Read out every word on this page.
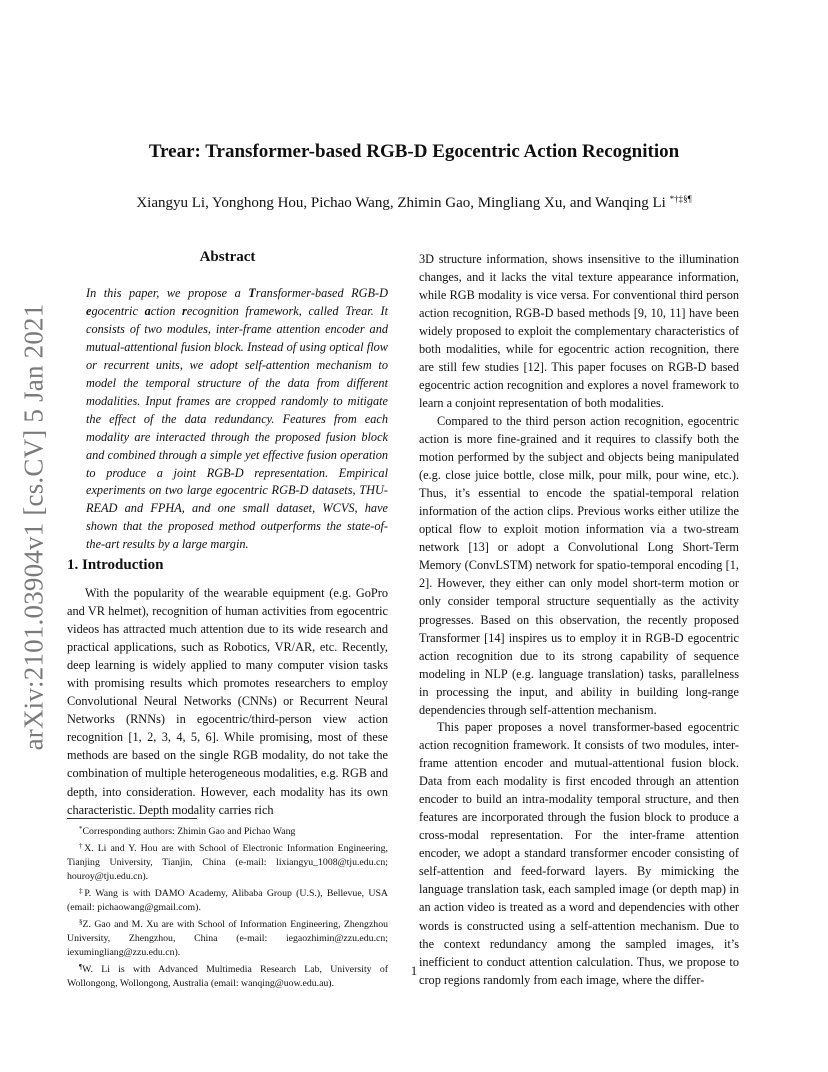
arXiv:2101.03904v1 [cs.CV] 5 Jan 2021
Trear: Transformer-based RGB-D Egocentric Action Recognition
Xiangyu Li, Yonghong Hou, Pichao Wang, Zhimin Gao, Mingliang Xu, and Wanqing Li *†‡§¶
Abstract

In this paper, we propose a Transformer-based RGB-D egocentric action recognition framework, called Trear. It consists of two modules, inter-frame attention encoder and mutual-attentional fusion block. Instead of using optical flow or recurrent units, we adopt self-attention mechanism to model the temporal structure of the data from different modalities. Input frames are cropped randomly to mitigate the effect of the data redundancy. Features from each modality are interacted through the proposed fusion block and combined through a simple yet effective fusion operation to produce a joint RGB-D representation. Empirical experiments on two large egocentric RGB-D datasets, THU-READ and FPHA, and one small dataset, WCVS, have shown that the proposed method outperforms the state-of-the-art results by a large margin.

1. Introduction

With the popularity of the wearable equipment (e.g. GoPro and VR helmet), recognition of human activities from egocentric videos has attracted much attention due to its wide research and practical applications, such as Robotics, VR/AR, etc. Recently, deep learning is widely applied to many computer vision tasks with promising results which promotes researchers to employ Convolutional Neural Networks (CNNs) or Recurrent Neural Networks (RNNs) in egocentric/third-person view action recognition [1, 2, 3, 4, 5, 6]. While promising, most of these methods are based on the single RGB modality, do not take the combination of multiple heterogeneous modalities, e.g. RGB and depth, into consideration. However, each modality has its own characteristic. Depth modality carries rich

*Corresponding authors: Zhimin Gao and Pichao Wang

†X. Li and Y. Hou are with School of Electronic Information Engineering, Tianjing University, Tianjin, China (e-mail: lixiangyu_1008@tju.edu.cn; houroy@tju.edu.cn).

‡P. Wang is with DAMO Academy, Alibaba Group (U.S.), Bellevue, USA (email: pichaowang@gmail.com).

§Z. Gao and M. Xu are with School of Information Engineering, Zhengzhou University, Zhengzhou, China (e-mail: iegaozhimin@zzu.edu.cn; iexumingliang@zzu.edu.cn).

¶W. Li is with Advanced Multimedia Research Lab, University of Wollongong, Wollongong, Australia (email: wanqing@uow.edu.au).

3D structure information, shows insensitive to the illumination changes, and it lacks the vital texture appearance information, while RGB modality is vice versa. For conventional third person action recognition, RGB-D based methods [9, 10, 11] have been widely proposed to exploit the complementary characteristics of both modalities, while for egocentric action recognition, there are still few studies [12]. This paper focuses on RGB-D based egocentric action recognition and explores a novel framework to learn a conjoint representation of both modalities.

Compared to the third person action recognition, egocentric action is more fine-grained and it requires to classify both the motion performed by the subject and objects being manipulated (e.g. close juice bottle, close milk, pour milk, pour wine, etc.). Thus, it’s essential to encode the spatial-temporal relation information of the action clips. Previous works either utilize the optical flow to exploit motion information via a two-stream network [13] or adopt a Convolutional Long Short-Term Memory (ConvLSTM) network for spatio-temporal encoding [1, 2]. However, they either can only model short-term motion or only consider temporal structure sequentially as the activity progresses. Based on this observation, the recently proposed Transformer [14] inspires us to employ it in RGB-D egocentric action recognition due to its strong capability of sequence modeling in NLP (e.g. language translation) tasks, parallelness in processing the input, and ability in building long-range dependencies through self-attention mechanism.

This paper proposes a novel transformer-based egocentric action recognition framework. It consists of two modules, inter-frame attention encoder and mutual-attentional fusion block. Data from each modality is first encoded through an attention encoder to build an intra-modality temporal structure, and then features are incorporated through the fusion block to produce a cross-modal representation. For the inter-frame attention encoder, we adopt a standard transformer encoder consisting of self-attention and feed-forward layers. By mimicking the language translation task, each sampled image (or depth map) in an action video is treated as a word and dependencies with other words is constructed using a self-attention mechanism. Due to the context redundancy among the sampled images, it’s inefficient to conduct attention calculation. Thus, we propose to crop regions randomly from each image, where the differ-

1
